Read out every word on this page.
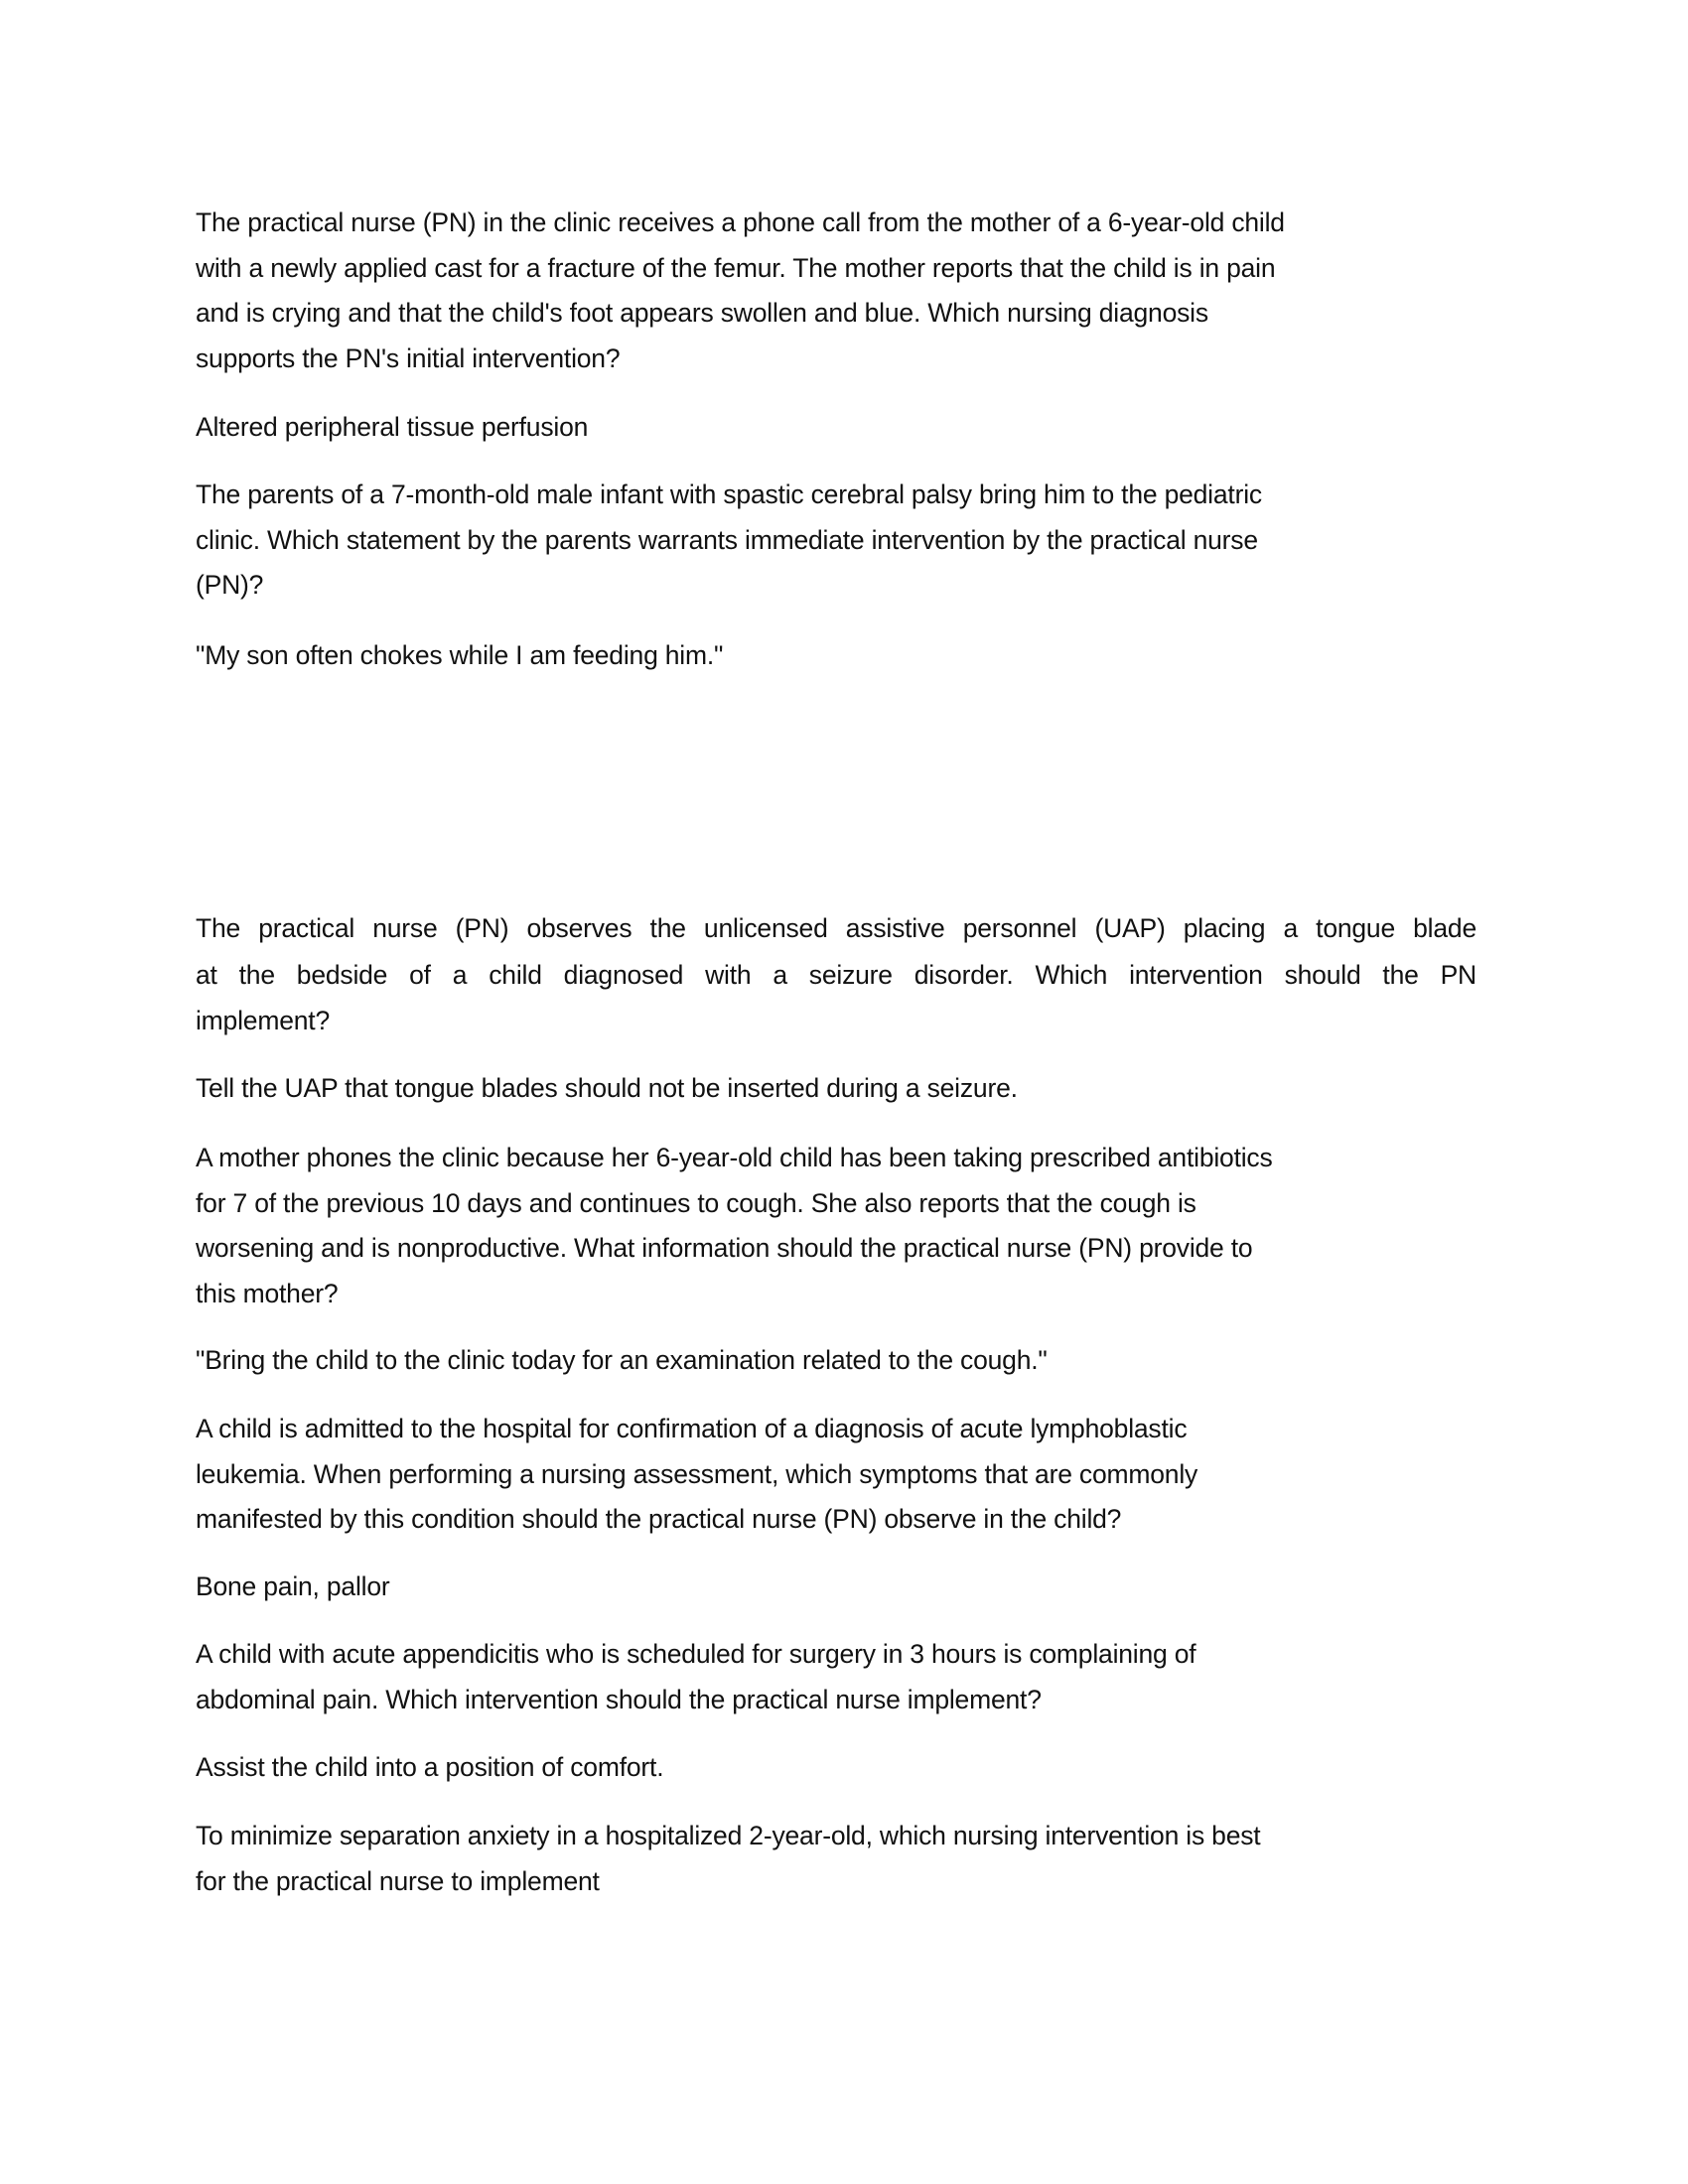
The practical nurse (PN) in the clinic receives a phone call from the mother of a 6-year-old child
with a newly applied cast for a fracture of the femur. The mother reports that the child is in pain
and is crying and that the child's foot appears swollen and blue. Which nursing diagnosis
supports the PN's initial intervention?
Altered peripheral tissue perfusion
The parents of a 7-month-old male infant with spastic cerebral palsy bring him to the pediatric
clinic. Which statement by the parents warrants immediate intervention by the practical nurse
(PN)?
"My son often chokes while I am feeding him."
The practical nurse (PN) observes the unlicensed assistive personnel (UAP) placing a tongue blade
at the bedside of a child diagnosed with a seizure disorder. Which intervention should the PN
implement?
Tell the UAP that tongue blades should not be inserted during a seizure.
A mother phones the clinic because her 6-year-old child has been taking prescribed antibiotics
for 7 of the previous 10 days and continues to cough. She also reports that the cough is
worsening and is nonproductive. What information should the practical nurse (PN) provide to
this mother?
"Bring the child to the clinic today for an examination related to the cough."
A child is admitted to the hospital for confirmation of a diagnosis of acute lymphoblastic
leukemia. When performing a nursing assessment, which symptoms that are commonly
manifested by this condition should the practical nurse (PN) observe in the child?
Bone pain, pallor
A child with acute appendicitis who is scheduled for surgery in 3 hours is complaining of
abdominal pain. Which intervention should the practical nurse implement?
Assist the child into a position of comfort.
To minimize separation anxiety in a hospitalized 2-year-old, which nursing intervention is best
for the practical nurse to implement
